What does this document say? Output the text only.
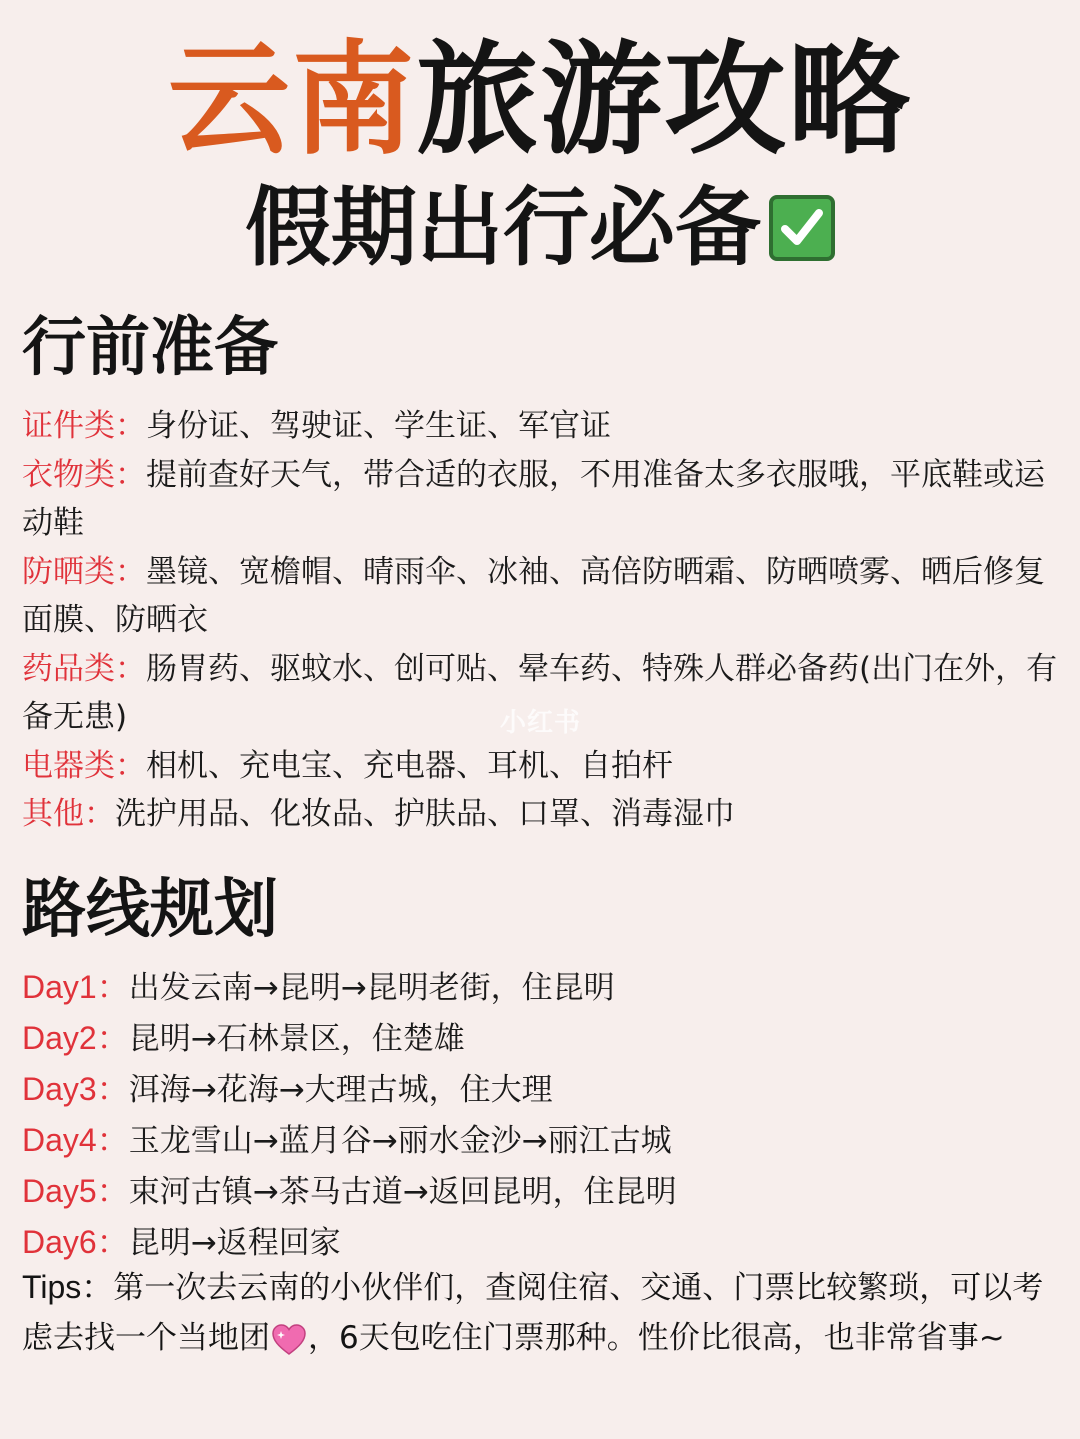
云南旅游攻略
假期出行必备
行前准备

证件类：身份证、驾驶证、学生证、军官证

衣物类：提前查好天气，带合适的衣服，不用准备太多衣服哦，平底鞋或运动鞋

防晒类：墨镜、宽檐帽、晴雨伞、冰袖、高倍防晒霜、防晒喷雾、晒后修复面膜、防晒衣

药品类：肠胃药、驱蚊水、创可贴、晕车药、特殊人群必备药(出门在外，有备无患)

电器类：相机、充电宝、充电器、耳机、自拍杆

其他：洗护用品、化妆品、护肤品、口罩、消毒湿巾

小红书
路线规划

Day1：出发云南→昆明→昆明老街，住昆明

Day2：昆明→石林景区，住楚雄

Day3：洱海→花海→大理古城，住大理

Day4：玉龙雪山→蓝月谷→丽水金沙→丽江古城

Day5：束河古镇→茶马古道→返回昆明，住昆明

Day6：昆明→返程回家

Tips：第一次去云南的小伙伴们，查阅住宿、交通、门票比较繁琐，可以考虑去找一个当地团 ，6天包吃住门票那种。性价比很高，也非常省事~
